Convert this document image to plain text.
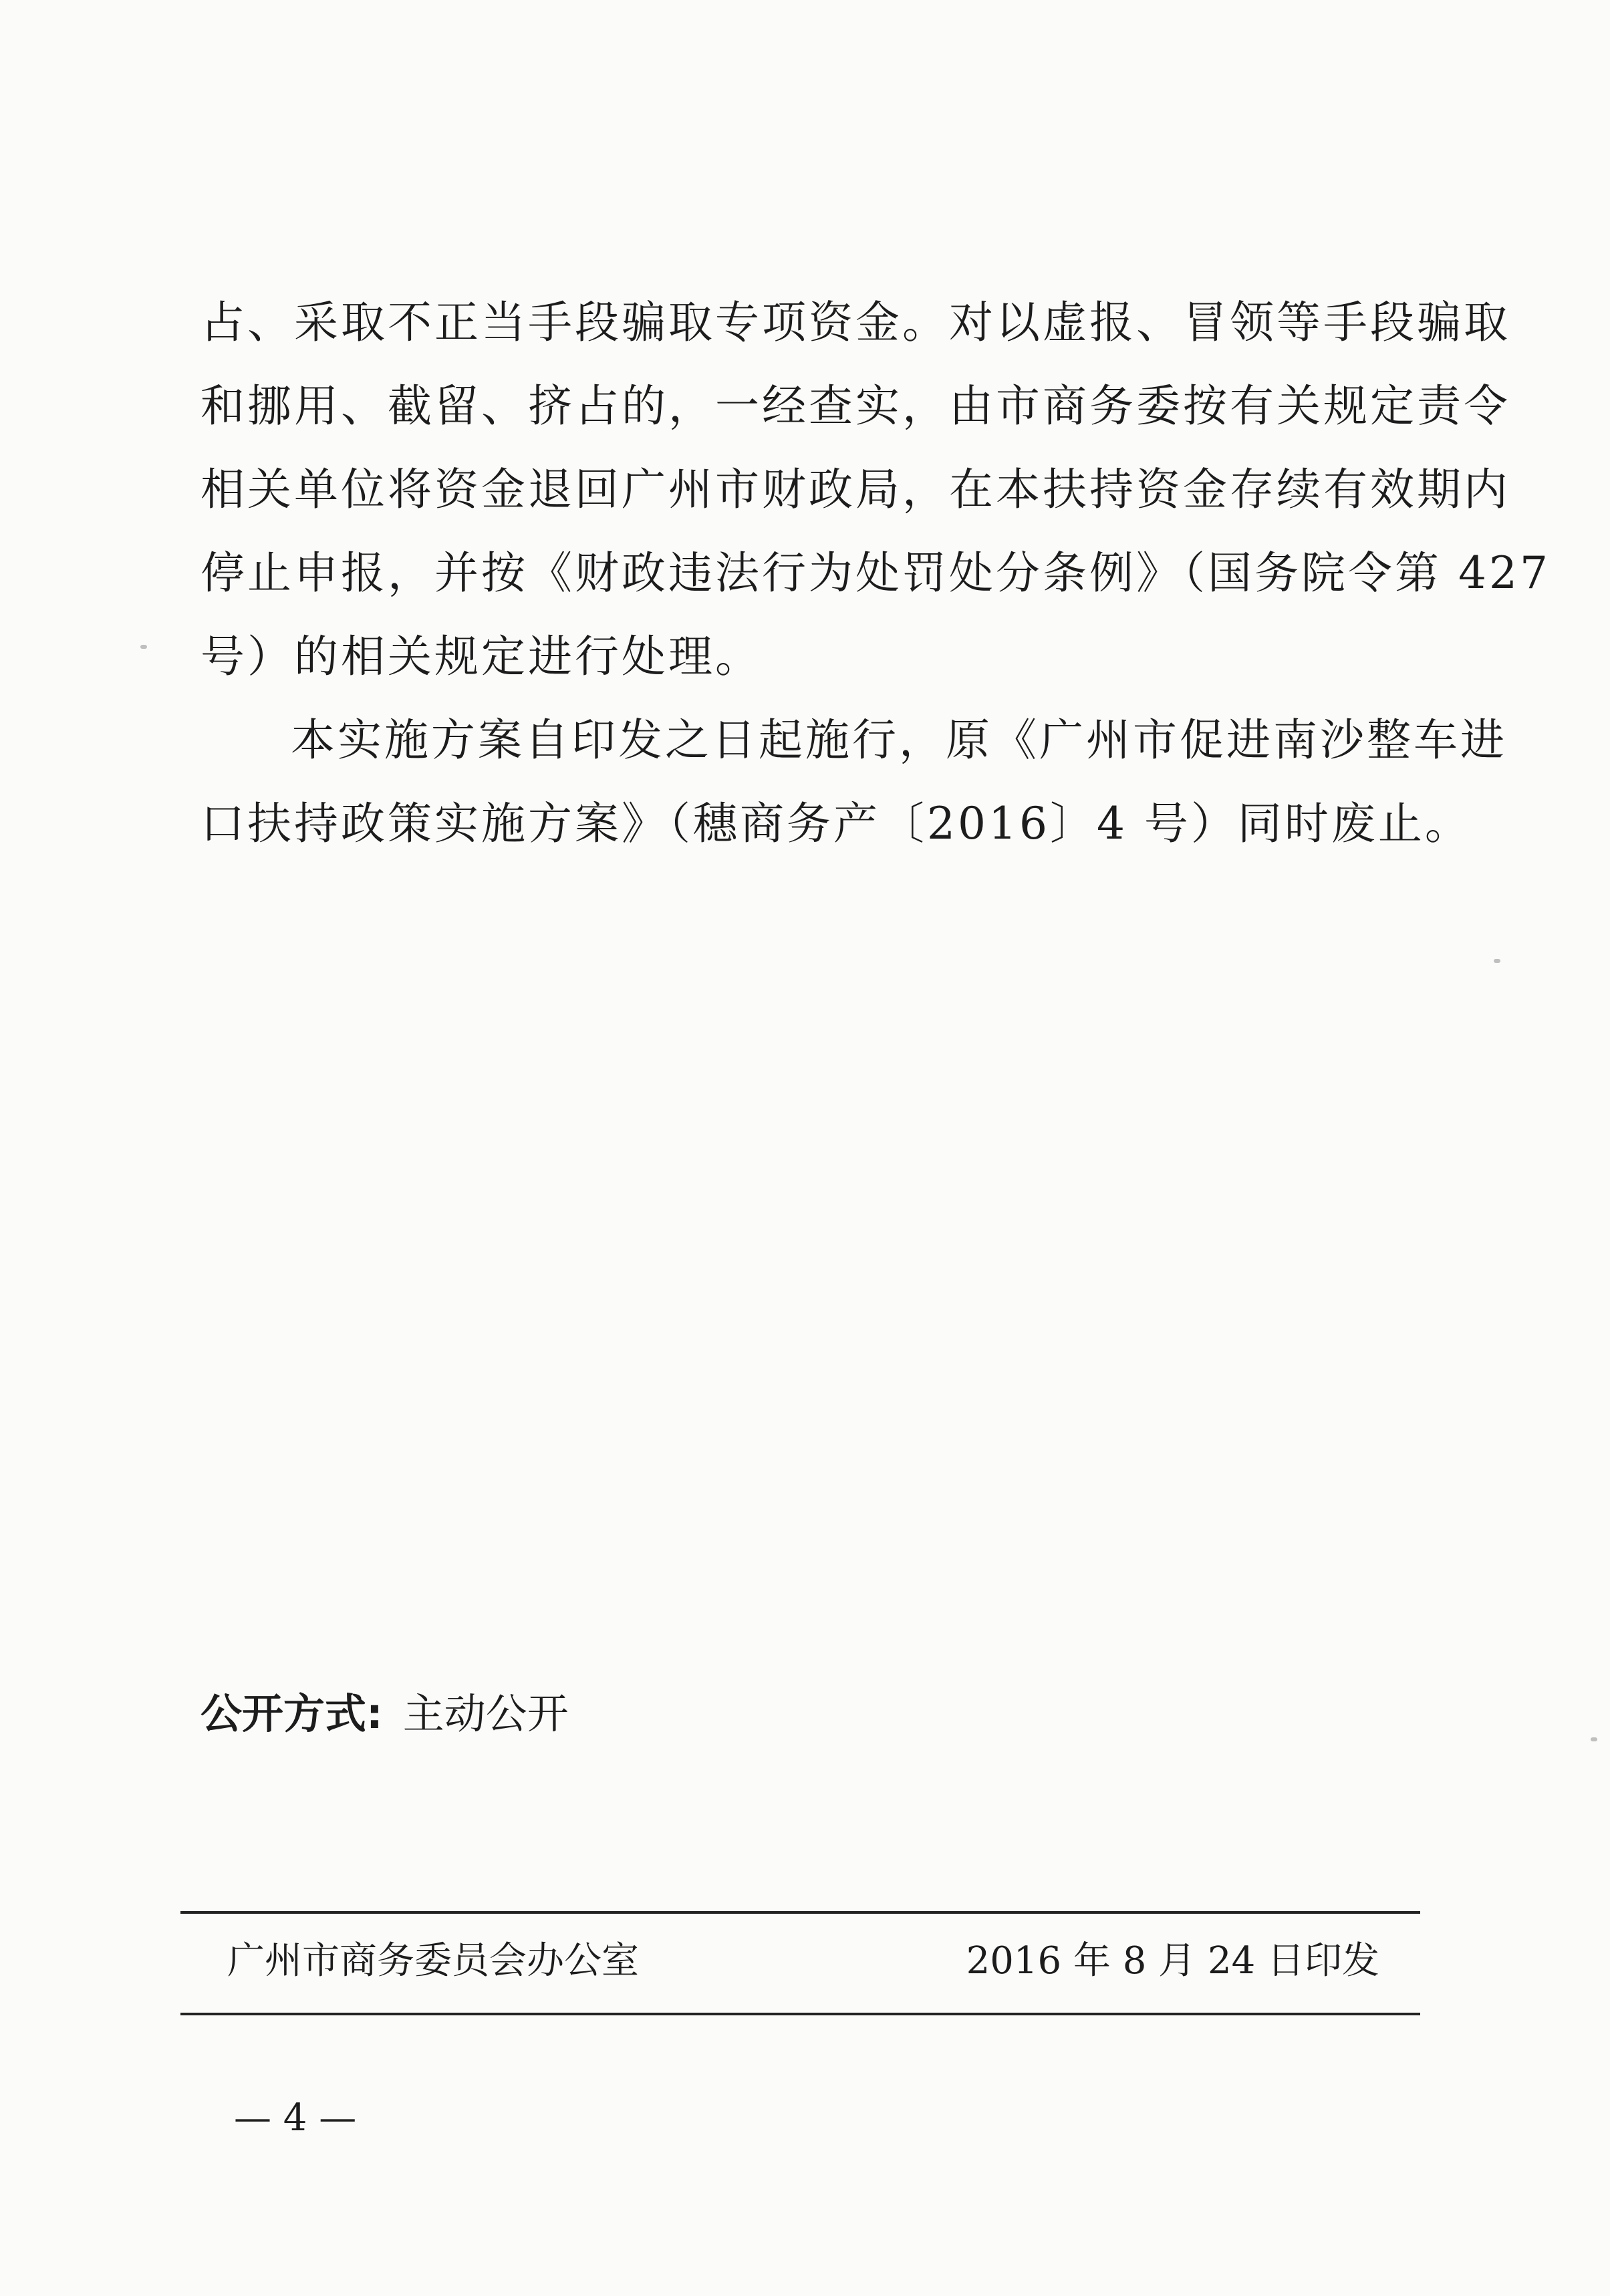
占、采取不正当手段骗取专项资金。对以虚报、冒领等手段骗取

和挪用、截留、挤占的，一经查实，由市商务委按有关规定责令

相关单位将资金退回广州市财政局，在本扶持资金存续有效期内

停止申报，并按《财政违法行为处罚处分条例》（国务院令第 427

号）的相关规定进行处理。

本实施方案自印发之日起施行，原《广州市促进南沙整车进

口扶持政策实施方案》（穗商务产〔2016〕4 号）同时废止。

公开方式: 主动公开
广州市商务委员会办公室	2016 年 8 月 24 日印发
— 4 —
